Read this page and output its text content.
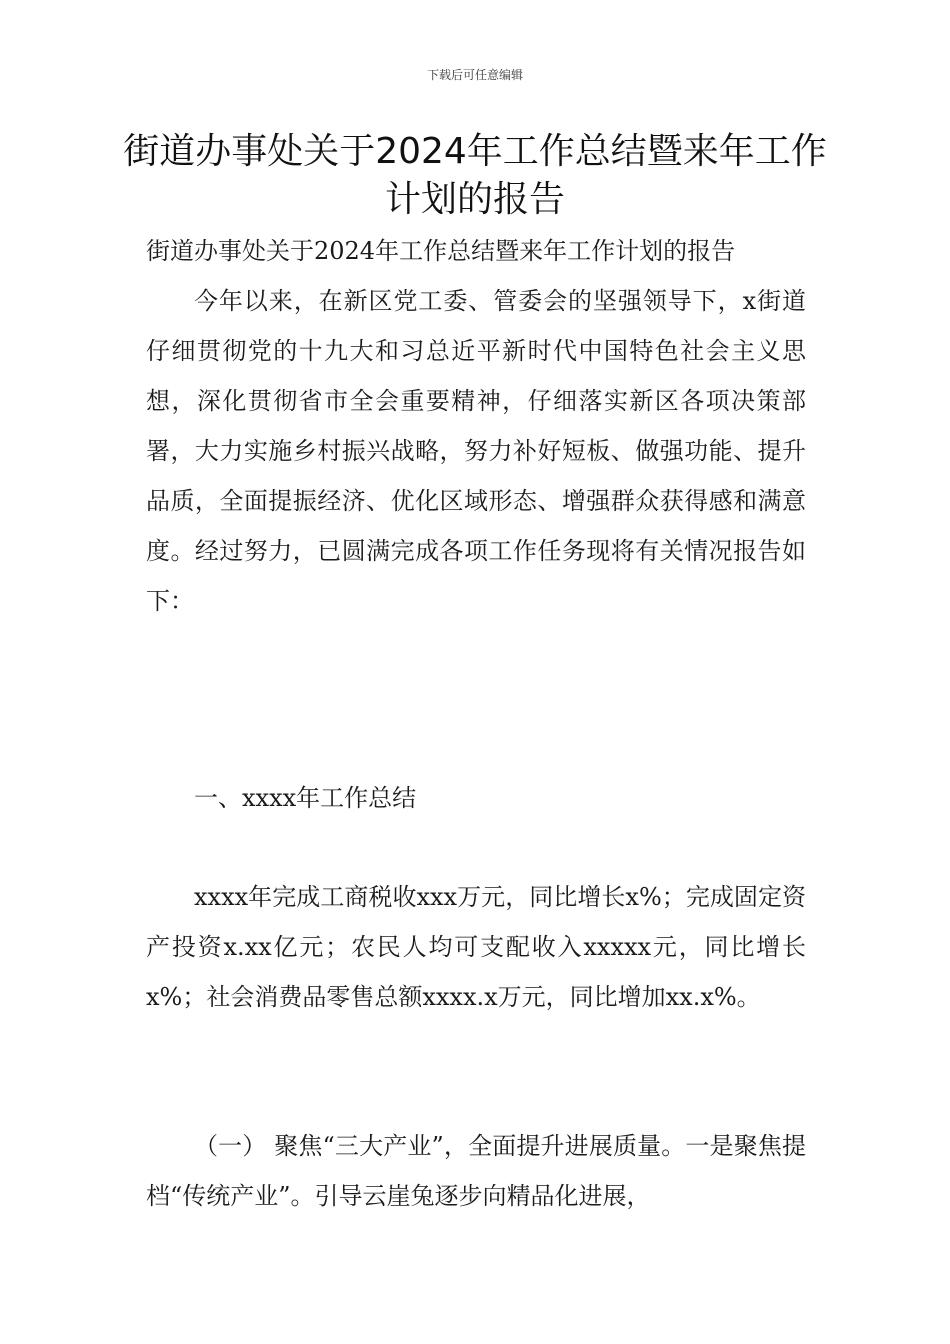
下载后可任意编辑
街道办事处关于2024年工作总结暨来年工作计划的报告

街道办事处关于2024年工作总结暨来年工作计划的报告

今年以来，在新区党工委、管委会的坚强领导下，x街道仔细贯彻党的十九大和习总近平新时代中国特色社会主义思想，深化贯彻省市全会重要精神，仔细落实新区各项决策部署，大力实施乡村振兴战略，努力补好短板、做强功能、提升品质，全面提振经济、优化区域形态、增强群众获得感和满意度。经过努力，已圆满完成各项工作任务现将有关情况报告如下：

一、xxxx年工作总结

xxxx年完成工商税收xxx万元，同比增长x%；完成固定资产投资x.xx亿元；农民人均可支配收入xxxxx元，同比增长x%；社会消费品零售总额xxxx.x万元，同比增加xx.x%。

（一） 聚焦“三大产业”，全面提升进展质量。一是聚焦提档“传统产业”。引导云崖兔逐步向精品化进展，
